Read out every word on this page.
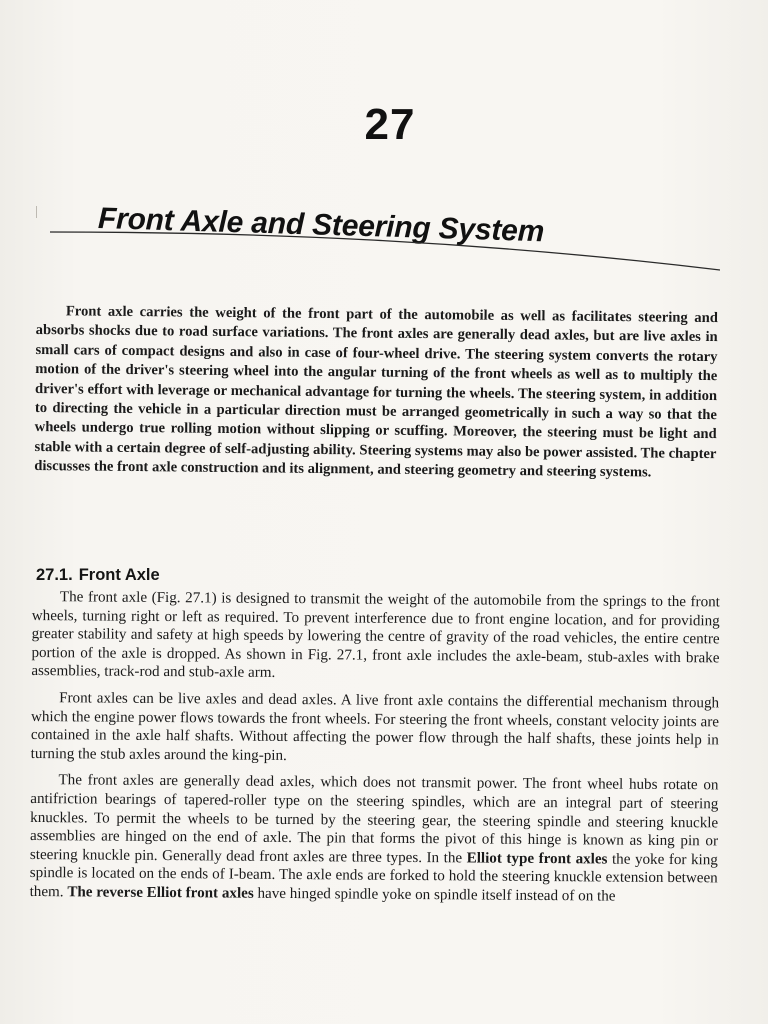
27
Front Axle and Steering System

Front axle carries the weight of the front part of the automobile as well as facilitates steering and absorbs shocks due to road surface variations. The front axles are generally dead axles, but are live axles in small cars of compact designs and also in case of four-wheel drive. The steering system converts the rotary motion of the driver's steering wheel into the angular turning of the front wheels as well as to multiply the driver's effort with leverage or mechanical advantage for turning the wheels. The steering system, in addition to directing the vehicle in a particular direction must be arranged geometrically in such a way so that the wheels undergo true rolling motion without slipping or scuffing. Moreover, the steering must be light and stable with a certain degree of self-adjusting ability. Steering systems may also be power assisted. The chapter discusses the front axle construction and its alignment, and steering geometry and steering systems.

27.1. Front Axle

The front axle (Fig. 27.1) is designed to transmit the weight of the automobile from the springs to the front wheels, turning right or left as required. To prevent interference due to front engine location, and for providing greater stability and safety at high speeds by lowering the centre of gravity of the road vehicles, the entire centre portion of the axle is dropped. As shown in Fig. 27.1, front axle includes the axle-beam, stub-axles with brake assemblies, track-rod and stub-axle arm.

Front axles can be live axles and dead axles. A live front axle contains the differential mechanism through which the engine power flows towards the front wheels. For steering the front wheels, constant velocity joints are contained in the axle half shafts. Without affecting the power flow through the half shafts, these joints help in turning the stub axles around the king-pin.

The front axles are generally dead axles, which does not transmit power. The front wheel hubs rotate on antifriction bearings of tapered-roller type on the steering spindles, which are an integral part of steering knuckles. To permit the wheels to be turned by the steering gear, the steering spindle and steering knuckle assemblies are hinged on the end of axle. The pin that forms the pivot of this hinge is known as king pin or steering knuckle pin. Generally dead front axles are three types. In the Elliot type front axles the yoke for king spindle is located on the ends of I-beam. The axle ends are forked to hold the steering knuckle extension between them. The reverse Elliot front axles have hinged spindle yoke on spindle itself instead of on the
